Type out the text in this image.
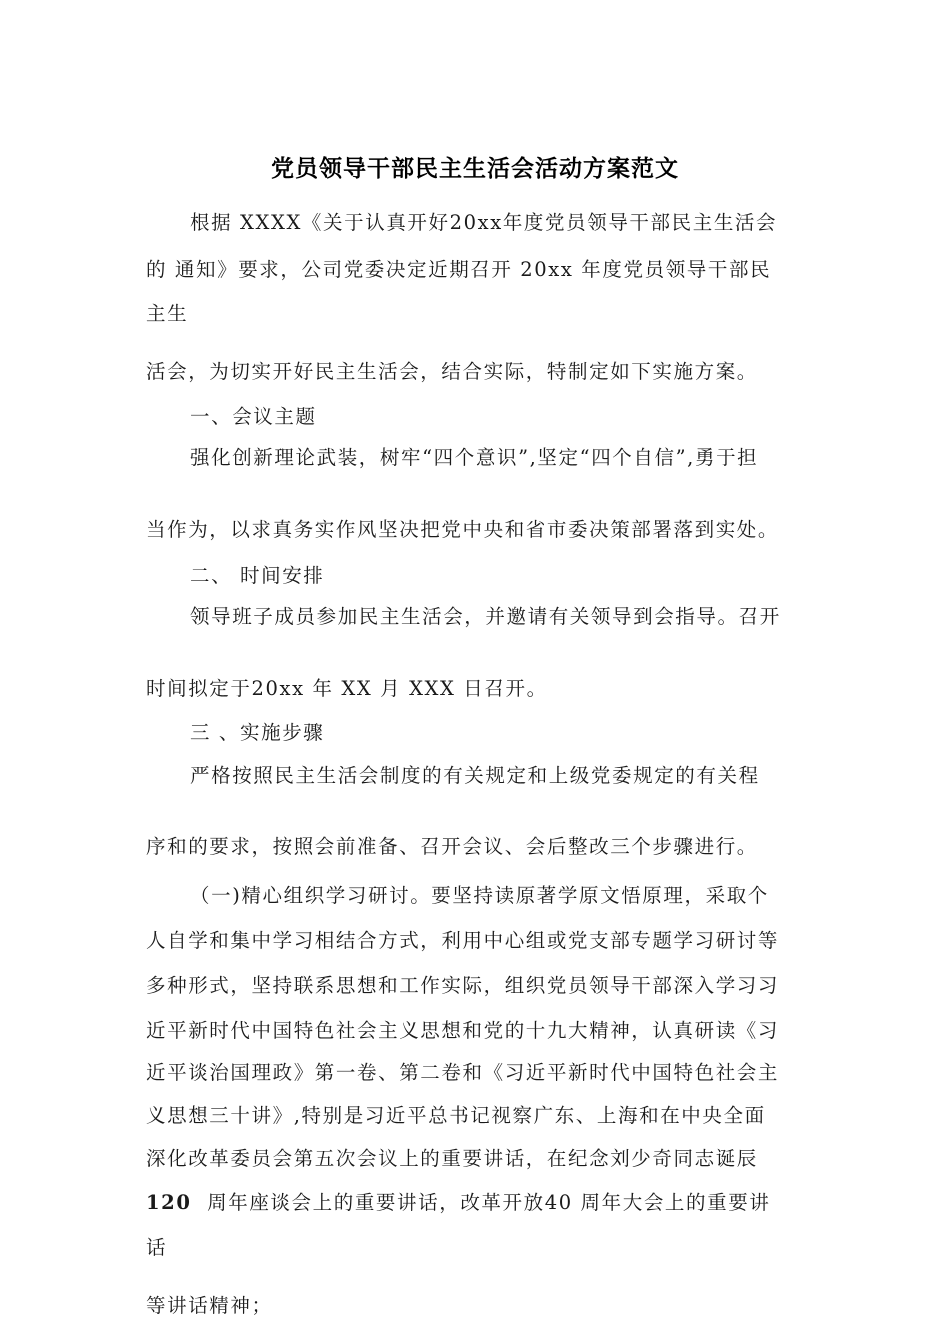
党员领导干部民主生活会活动方案范文
根据 XXXX《关于认真开好20xx年度党员领导干部民主生活会
的 通知》要求，公司党委决定近期召开 20xx 年度党员领导干部民
主生
活会，为切实开好民主生活会，结合实际，特制定如下实施方案。
一、会议主题
强化创新理论武装，树牢“四个意识”,坚定“四个自信”,勇于担
当作为，以求真务实作风坚决把党中央和省市委决策部署落到实处。
二、 时间安排
领导班子成员参加民主生活会，并邀请有关领导到会指导。召开
时间拟定于20xx 年 XX 月 XXX 日召开。
三 、实施步骤
严格按照民主生活会制度的有关规定和上级党委规定的有关程
序和的要求，按照会前准备、召开会议、会后整改三个步骤进行。
（一)精心组织学习研讨。要坚持读原著学原文悟原理，采取个
人自学和集中学习相结合方式，利用中心组或党支部专题学习研讨等
多种形式，坚持联系思想和工作实际，组织党员领导干部深入学习习
近平新时代中国特色社会主义思想和党的十九大精神，认真研读《习
近平谈治国理政》第一卷、第二卷和《习近平新时代中国特色社会主
义思想三十讲》,特别是习近平总书记视察广东、上海和在中央全面
深化改革委员会第五次会议上的重要讲话，在纪念刘少奇同志诞辰
120 周年座谈会上的重要讲话，改革开放40 周年大会上的重要讲
话
等讲话精神；
